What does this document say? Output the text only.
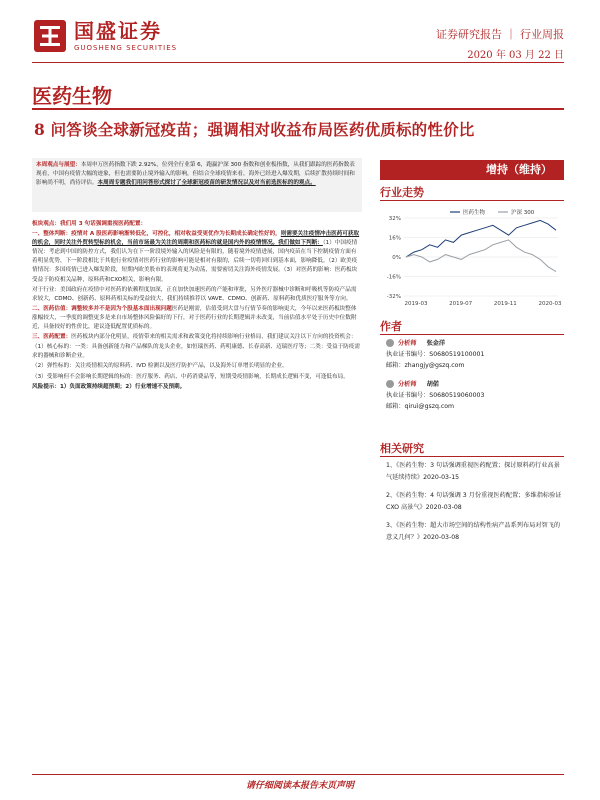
国盛证券
GUOSHENG SECURITIES
证券研究报告 ｜ 行业周报
2020 年 03 月 22 日
医药生物
8 问答谈全球新冠疫苗；强调相对收益布局医药优质标的性价比
本周观点与展望：本周申万医药指数下跌 2.92%，位列全行业第 6，跑赢沪深 300 指数和创业板指数，从我们跟踪的医药指数表现看，中国有疫情大幅的迹象，但也需要防止境外输入的影响，但结合全球疫情来看，海外已经进入爆发期，后续扩散持续时间和影响尚不明，尚待评估。本周周专题我们用问答形式探讨了全球新冠疫苗的研发情况以及对当前选医标的的观点。

板块观点：我们用 3 句话强调重视医药配置：

一、整体判断：疫情对 A 股医药影响渐转低化，可控化，相对收益受更优作为长期成长确定性好的，则需要关注疫情冲击医药可获取的机会，同时关注外贸转型标的机会，当前市场最为关注的周期和医药标的就是国内外的疫情情况。我们做如下判断：（1）中国疫情情况：考虑到中国的防控方式，我们认为在下一阶段境外输入的风险是有限的，随着境外疫情进展，国内疫苗在当下控制疫情方面有着明显优势，下一阶段相比于其他行业疫情对医药行业的影响可能是相对有限的，后续一切将回归到基本面，影响降低。（2）欧美疫情情况：多国疫情已进入爆发阶段，短期内欧美股市的表现将更为动荡，需要密切关注海外疫情发展。（3）对医药的影响：医药板块受益于防疫相关品种，原料药和CXO相关，影响有限。

对于行业：美国政府在疫情中对医药的依赖程度加深，正在加快加速医药的产能和审批，另外医疗器械中诊断和呼吸机等防疫产品需求较大，CDMO、创新药、原料药相关标的受益较大，我们持续推荐以 VAVE、CDMO、创新药、原料药和优质医疗服务等方向。

二、医药估值：调整较多并不是因为个股基本面出现问题医药是刚需，估值受到大盘与行情节奏的影响更大，今年以来医药板块整体涨幅较大，一季度的调整更多是来自市场整体风险偏好的下行，对于医药行业的长期逻辑并未改变，当前估值水平处于历史中位数附近，具备较好的性价比，建议逢低配置优质标的。

三、医药配置：医药板块内部分化明显，疫情带来的相关需求和政策变化将持续影响行业格局，我们建议关注以下方向的投资机会：

（1）核心标的：一类：具备创新能力和产品梯队的龙头企业，如恒瑞医药、药明康德、长春高新、迈瑞医疗等；二类：受益于防疫需求的器械和诊断企业。

（2）弹性标的：关注疫情相关的原料药、IVD 检测以及医疗防护产品，以及海外订单增长明显的企业。

（3）受影响但不会影响长期逻辑的标的：医疗服务、药店、中药消费品等，短期受疫情影响，长期成长逻辑不变，可逢低布局。

风险提示：1）负面政策持续超预期；2）行业增速不及预期。

增持（维持）
行业走势
32%
16%
0%
-16%
-32%
2019-03	2019-07	2019-11	2020-03
医药生物	沪深 300
作者
分析师 张金洋
执业证书编号：S0680519100001
邮箱：zhangjy@gszq.com
分析师 胡偌
执业证书编号：S0680519060003
邮箱：qiruì@gszq.com
相关研究
1、《医药生物：3 句话强调重视医药配置；探讨原料药行业高景气延续持续》2020-03-15
2、《医药生物：4 句话强调 3 月份重视医药配置；多维指标验证 CXO 高景气》2020-03-08
3、《医药生物：超大市场空间的结构性病产品系列布局对智飞的意义几何？》2020-03-08
请仔细阅读本报告末页声明
